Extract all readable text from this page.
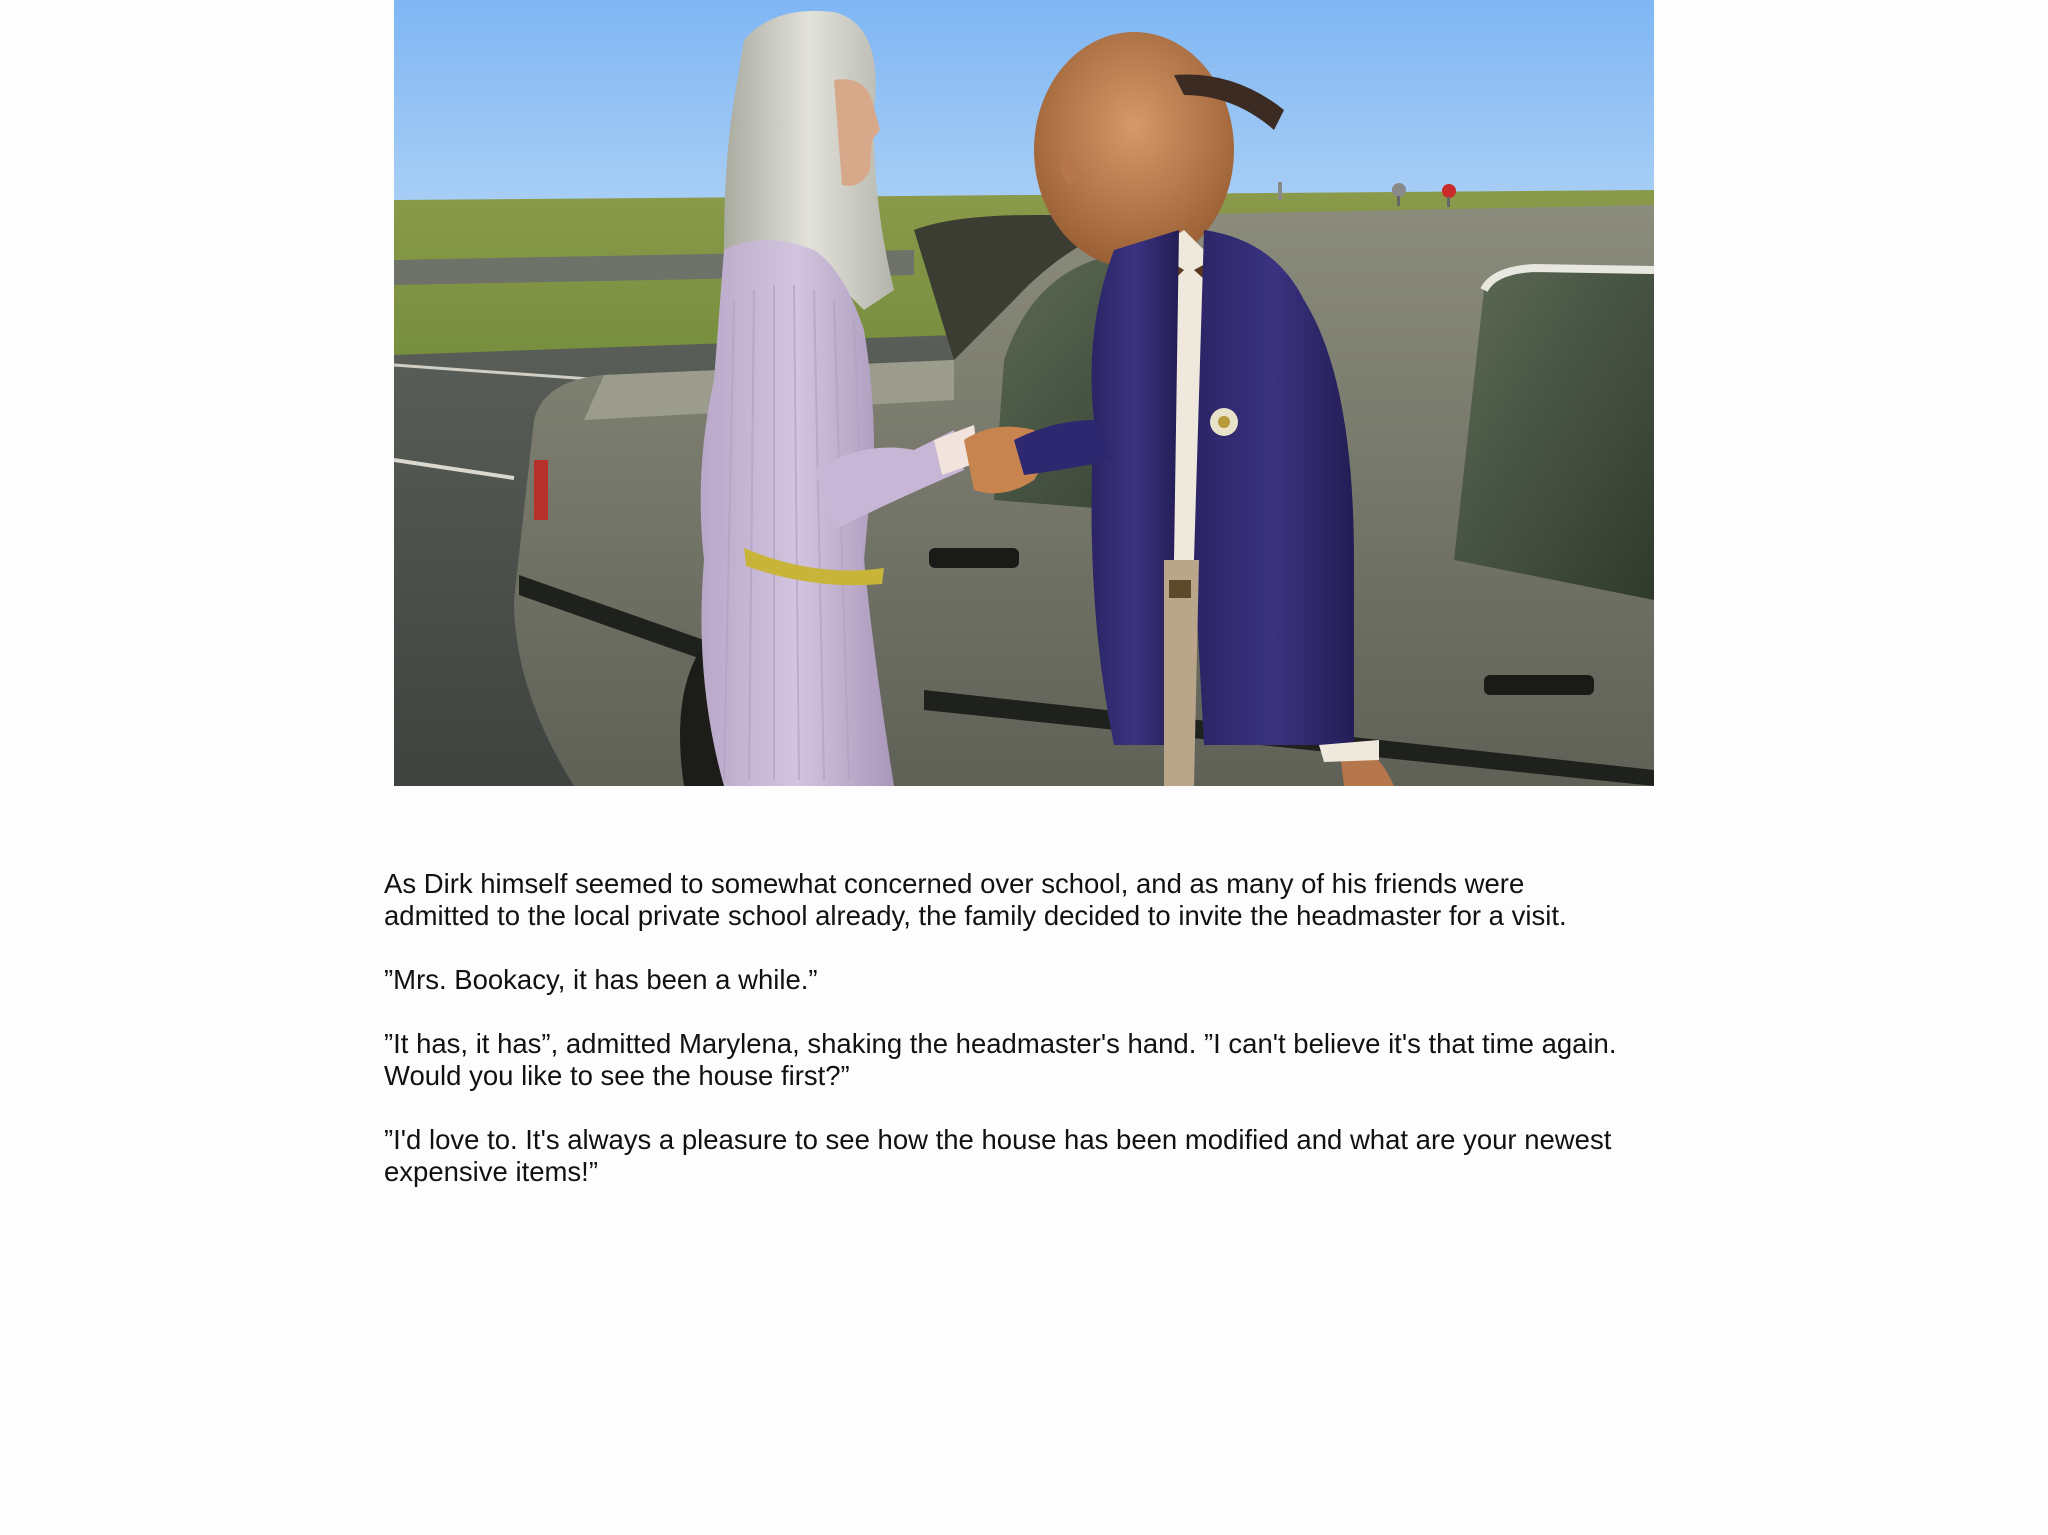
As Dirk himself seemed to somewhat concerned over school, and as many of his friends were
admitted to the local private school already, the family decided to invite the headmaster for a visit.

”Mrs. Bookacy, it has been a while.”

”It has, it has”, admitted Marylena, shaking the headmaster's hand. ”I can't believe it's that time again.
Would you like to see the house first?”

”I'd love to. It's always a pleasure to see how the house has been modified and what are your newest
expensive items!”
